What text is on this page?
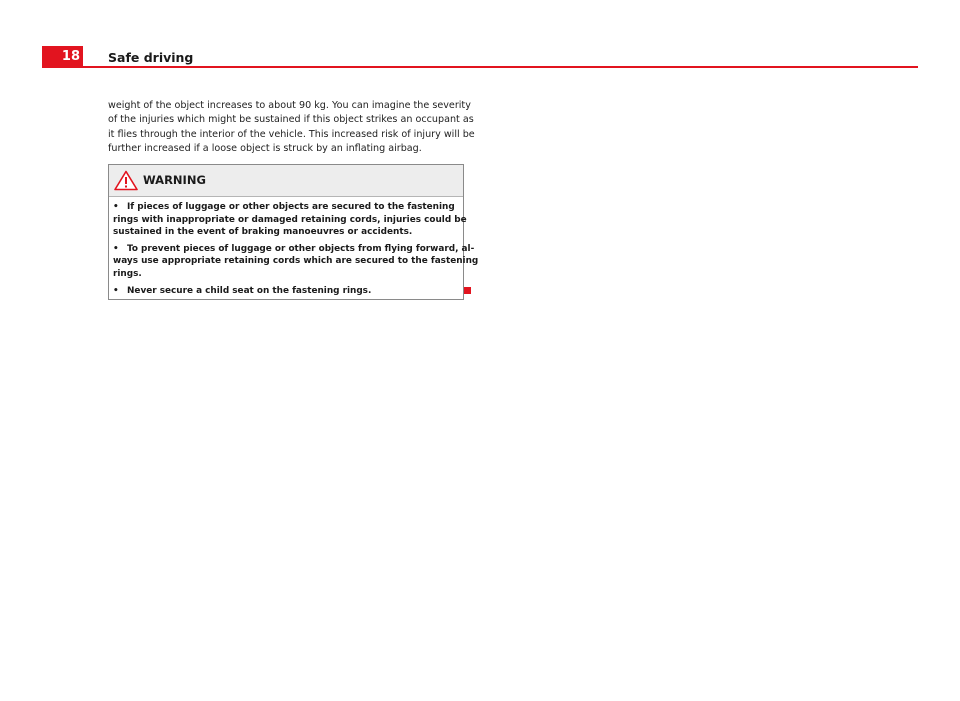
18 Safe driving
weight of the object increases to about 90 kg. You can imagine the severity
of the injuries which might be sustained if this object strikes an occupant as
it flies through the interior of the vehicle. This increased risk of injury will be
further increased if a loose object is struck by an inflating airbag.
WARNING
• If pieces of luggage or other objects are secured to the fastening
rings with inappropriate or damaged retaining cords, injuries could be
sustained in the event of braking manoeuvres or accidents.
• To prevent pieces of luggage or other objects from flying forward, al-
ways use appropriate retaining cords which are secured to the fastening
rings.
• Never secure a child seat on the fastening rings.
